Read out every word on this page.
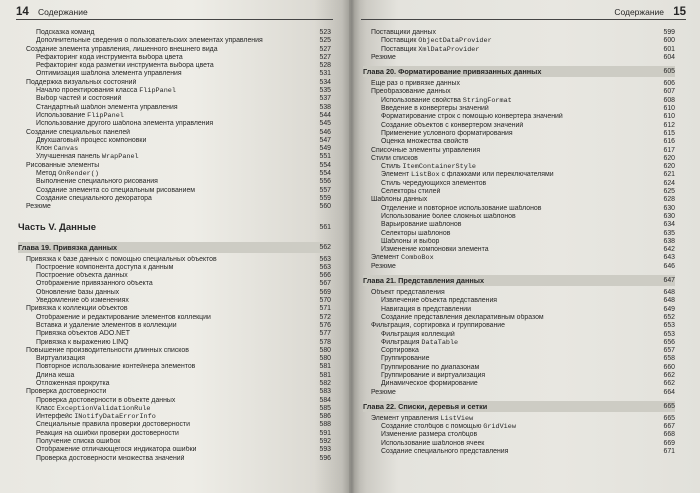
14 Содержание
Подсказка команд	523
Дополнительные сведения о пользовательских элементах управления	525
Создание элемента управления, лишенного внешнего вида	527
Рефакторинг кода инструмента выбора цвета	527
Рефакторинг кода разметки инструмента выбора цвета	528
Оптимизация шаблона элемента управления	531
Поддержка визуальных состояний	534
Начало проектирования класса FlipPanel	535
Выбор частей и состояний	537
Стандартный шаблон элемента управления	538
Использование FlipPanel	544
Использование другого шаблона элемента управления	545
Создание специальных панелей	546
Двухшаговый процесс компоновки	547
Клон Canvas	549
Улучшенная панель WrapPanel	551
Рисованные элементы	554
Метод OnRender()	554
Выполнение специального рисования	556
Создание элемента со специальным рисованием	557
Создание специального декоратора	559
Резюме	560
Часть V. Данные	561
Глава 19. Привязка данных	562
Привязка к базе данных с помощью специальных объектов	563
Построение компонента доступа к данным	563
Построение объекта данных	566
Отображение привязанного объекта	567
Обновление базы данных	569
Уведомление об изменениях	570
Привязка к коллекции объектов	571
Отображение и редактирование элементов коллекции	572
Вставка и удаление элементов в коллекции	576
Привязка объектов ADO.NET	577
Привязка к выражению LINQ	578
Повышение производительности длинных списков	580
Виртуализация	580
Повторное использование контейнера элементов	581
Длина кеша	581
Отложенная прокрутка	582
Проверка достоверности	583
Проверка достоверности в объекте данных	584
Класс ExceptionValidationRule	585
Интерфейс INotifyDataErrorInfo	586
Специальные правила проверки достоверности	588
Реакция на ошибки проверки достоверности	591
Получение списка ошибок	592
Отображение отличающегося индикатора ошибки	593
Проверка достоверности множества значений	596
Содержание 15
Поставщики данных	599
Поставщик ObjectDataProvider	600
Поставщик XmlDataProvider	601
Резюме	604
Глава 20. Форматирование привязанных данных	605
Еще раз о привязке данных	606
Преобразование данных	607
Использование свойства StringFormat	608
Введение в конвертеры значений	610
Форматирование строк с помощью конвертера значений	610
Создание объектов с конвертером значений	612
Применение условного форматирования	615
Оценка множества свойств	616
Списочные элементы управления	617
Стили списков	620
Стиль ItemContainerStyle	620
Элемент ListBox с флажками или переключателями	621
Стиль чередующихся элементов	624
Селекторы стилей	625
Шаблоны данных	628
Отделение и повторное использование шаблонов	630
Использование более сложных шаблонов	630
Варьирование шаблонов	634
Селекторы шаблонов	635
Шаблоны и выбор	638
Изменение компоновки элемента	642
Элемент ComboBox	643
Резюме	646
Глава 21. Представления данных	647
Объект представления	648
Извлечение объекта представления	648
Навигация в представлении	649
Создание представления декларативным образом	652
Фильтрация, сортировка и группирование	653
Фильтрация коллекций	653
Фильтрация DataTable	656
Сортировка	657
Группирование	658
Группирование по диапазонам	660
Группирование и виртуализация	662
Динамическое формирование	662
Резюме	664
Глава 22. Списки, деревья и сетки	665
Элемент управления ListView	665
Создание столбцов с помощью GridView	667
Изменение размера столбцов	668
Использование шаблонов ячеек	669
Создание специального представления	671
